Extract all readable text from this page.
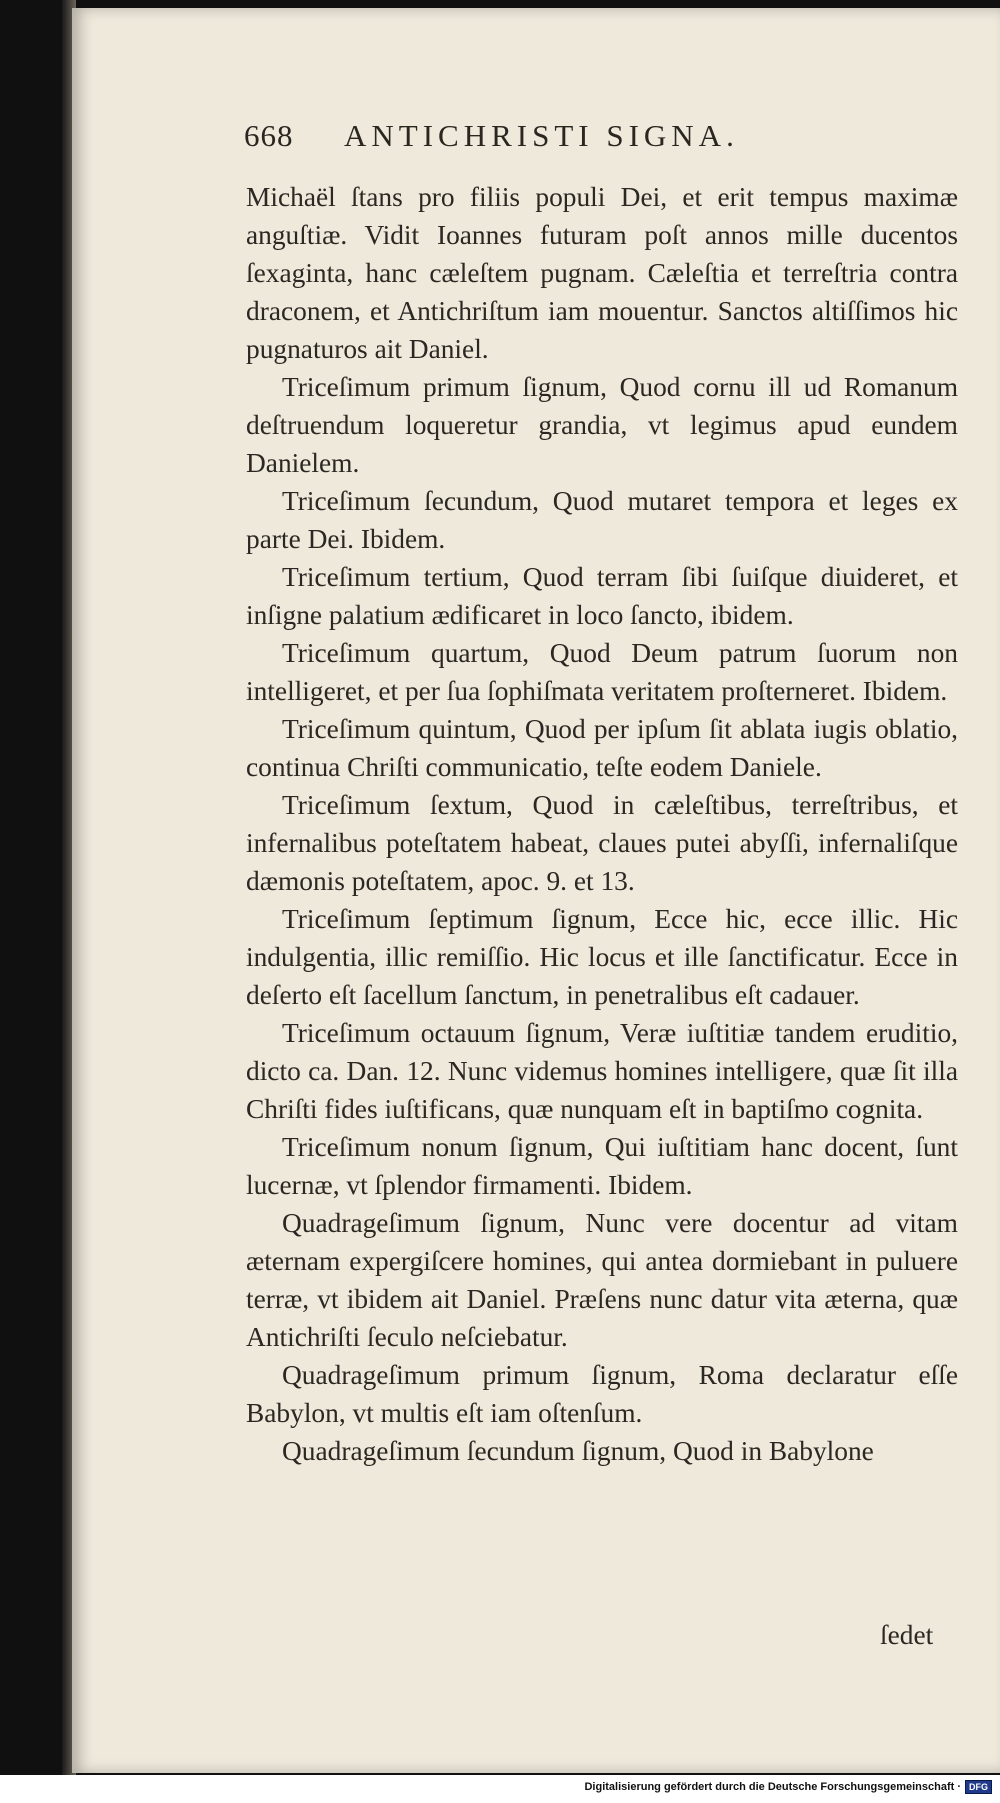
668 ANTICHRISTI SIGNA.

Michaël ſtans pro filiis populi Dei, et erit tempus maximæ anguſtiæ. Vidit Ioannes futuram poſt annos mille ducentos ſexaginta, hanc cæleſtem pugnam. Cæleſtia et terreſtria contra draconem, et Antichriſtum iam mouentur. Sanctos altiſſimos hic pugnaturos ait Daniel.

Triceſimum primum ſignum, Quod cornu ill ud Romanum deſtruendum loqueretur grandia, vt legimus apud eundem Danielem.

Triceſimum ſecundum, Quod mutaret tempora et leges ex parte Dei. Ibidem.

Triceſimum tertium, Quod terram ſibi ſuiſque diuideret, et inſigne palatium ædificaret in loco ſancto, ibidem.

Triceſimum quartum, Quod Deum patrum ſuorum non intelligeret, et per ſua ſophiſmata veritatem proſterneret. Ibidem.

Triceſimum quintum, Quod per ipſum ſit ablata iugis oblatio, continua Chriſti communicatio, teſte eodem Daniele.

Triceſimum ſextum, Quod in cæleſtibus, terreſtribus, et infernalibus poteſtatem habeat, claues putei abyſſi, infernaliſque dæmonis poteſtatem, apoc. 9. et 13.

Triceſimum ſeptimum ſignum, Ecce hic, ecce illic. Hic indulgentia, illic remiſſio. Hic locus et ille ſanctificatur. Ecce in deſerto eſt ſacellum ſanctum, in penetralibus eſt cadauer.

Triceſimum octauum ſignum, Veræ iuſtitiæ tandem eruditio, dicto ca. Dan. 12. Nunc videmus homines intelligere, quæ ſit illa Chriſti fides iuſtificans, quæ nunquam eſt in baptiſmo cognita.

Triceſimum nonum ſignum, Qui iuſtitiam hanc docent, ſunt lucernæ, vt ſplendor firmamenti. Ibidem.

Quadrageſimum ſignum, Nunc vere docentur ad vitam æternam expergiſcere homines, qui antea dormiebant in puluere terræ, vt ibidem ait Daniel. Præſens nunc datur vita æterna, quæ Antichriſti ſeculo neſciebatur.

Quadrageſimum primum ſignum, Roma declaratur eſſe Babylon, vt multis eſt iam oſtenſum.

Quadrageſimum ſecundum ſignum, Quod in Babylone

ſedet
Digitalisierung gefördert durch die Deutsche Forschungsgemeinschaft · DFG
